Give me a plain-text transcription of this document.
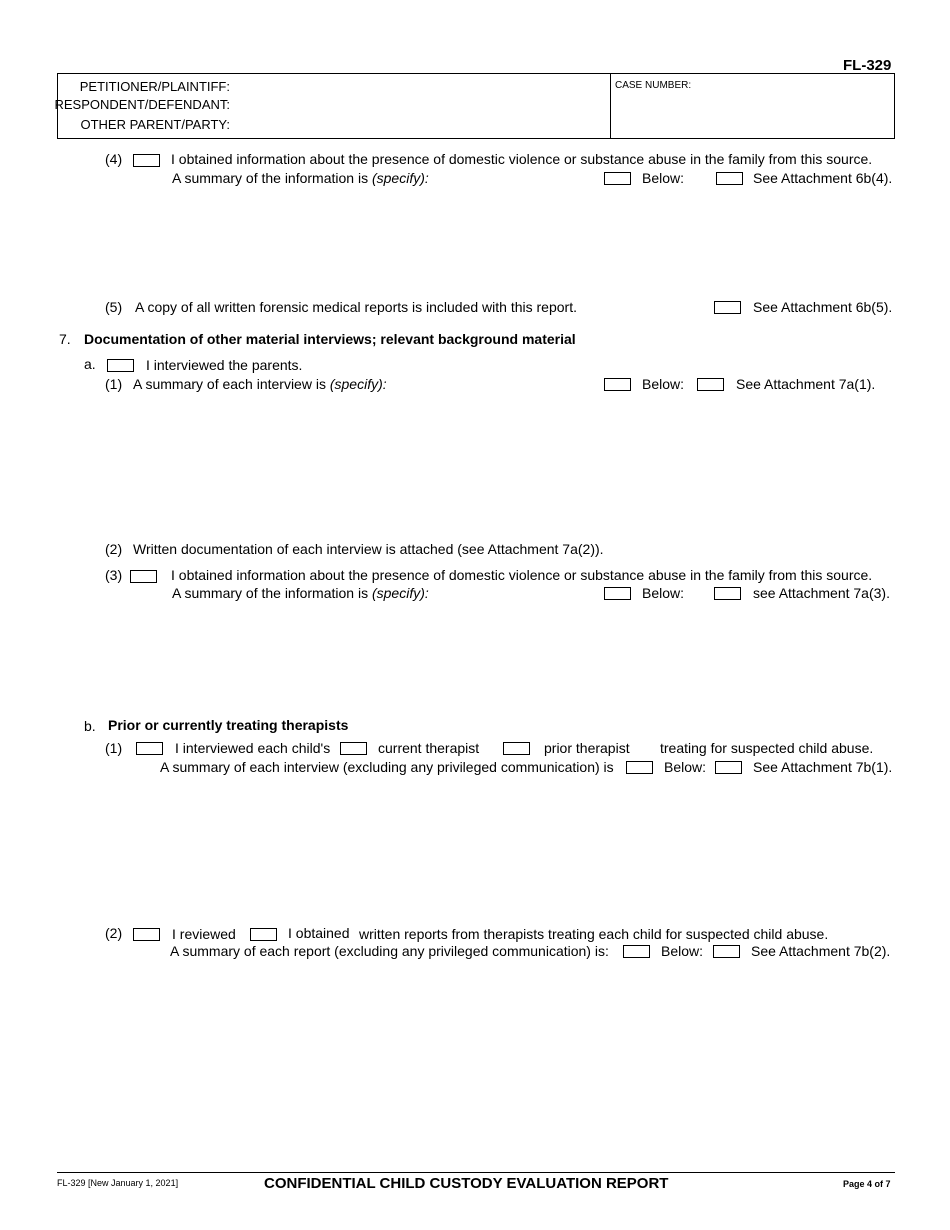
FL-329
PETITIONER/PLAINTIFF:
RESPONDENT/DEFENDANT:
OTHER PARENT/PARTY:
CASE NUMBER:
(4)	I obtained information about the presence of domestic violence or substance abuse in the family from this source.
A summary of the information is (specify):	Below:	See Attachment 6b(4).
(5) A copy of all written forensic medical reports is included with this report.	See Attachment 6b(5).
7. Documentation of other material interviews; relevant background material
a.	I interviewed the parents.
(1) A summary of each interview is (specify):	Below:	See Attachment 7a(1).
(2) Written documentation of each interview is attached (see Attachment 7a(2)).
(3)	I obtained information about the presence of domestic violence or substance abuse in the family from this source.
A summary of the information is (specify):	Below:	see Attachment 7a(3).
b. Prior or currently treating therapists
(1)	I interviewed each child's	current therapist	prior therapist treating for suspected child abuse.
A summary of each interview (excluding any privileged communication) is	Below:	See Attachment 7b(1).
(2)	I reviewed	I obtained written reports from therapists treating each child for suspected child abuse.
A summary of each report (excluding any privileged communication) is:	Below:	See Attachment 7b(2).
FL-329 [New January 1, 2021]	CONFIDENTIAL CHILD CUSTODY EVALUATION REPORT	Page 4 of 7
